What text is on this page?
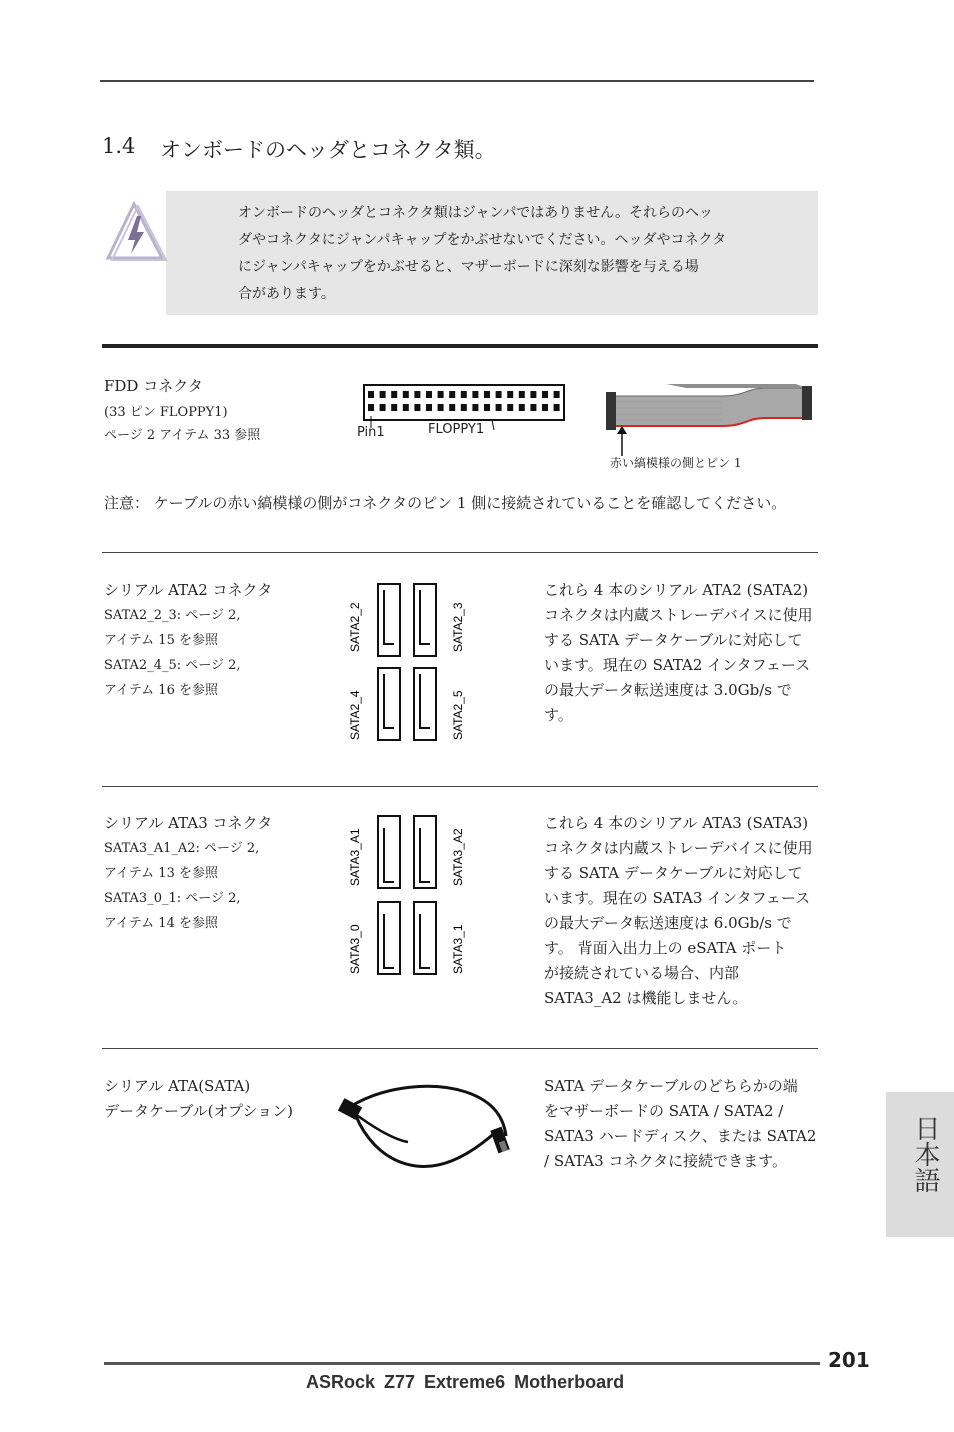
1.4 オンボードのヘッダとコネクタ類。
オンボードのヘッダとコネクタ類はジャンパではありません。それらのヘッ
ダやコネクタにジャンパキャップをかぶせないでください。ヘッダやコネクタ
にジャンパキャップをかぶせると、マザーボードに深刻な影響を与える場
合があります。
FDD コネクタ
(33 ピン FLOPPY1)
ページ 2 アイテム 33 参照	Pin1	FLOPPY1
赤い縞模様の側とピン 1
注意： ケーブルの赤い縞模様の側がコネクタのピン 1 側に接続されていることを確認してください。
シリアル ATA2 コネクタ
SATA2_2_3: ページ 2,
アイテム 15 を参照
SATA2_4_5: ページ 2,
アイテム 16 を参照
SATA2_2	SATA2_3
SATA2_4	SATA2_5
これら 4 本のシリアル ATA2 (SATA2)
コネクタは内蔵ストレーデバイスに使用
する SATA データケーブルに対応して
います。現在の SATA2 インタフェース
の最大データ転送速度は 3.0Gb/s で
す。
シリアル ATA3 コネクタ
SATA3_A1_A2: ページ 2,
アイテム 13 を参照
SATA3_0_1: ページ 2,
アイテム 14 を参照
SATA3_A1	SATA3_A2
SATA3_0	SATA3_1
これら 4 本のシリアル ATA3 (SATA3)
コネクタは内蔵ストレーデバイスに使用
する SATA データケーブルに対応して
います。現在の SATA3 インタフェース
の最大データ転送速度は 6.0Gb/s で
す。 背面入出力上の eSATA ポート
が接続されている場合、内部
SATA3_A2 は機能しません。
シリアル ATA(SATA)
データケーブル(オプション)
SATA データケーブルのどちらかの端
をマザーボードの SATA / SATA2 /
SATA3 ハードディスク、または SATA2
/ SATA3 コネクタに接続できます。	日本語
201
ASRock Z77 Extreme6 Motherboard
